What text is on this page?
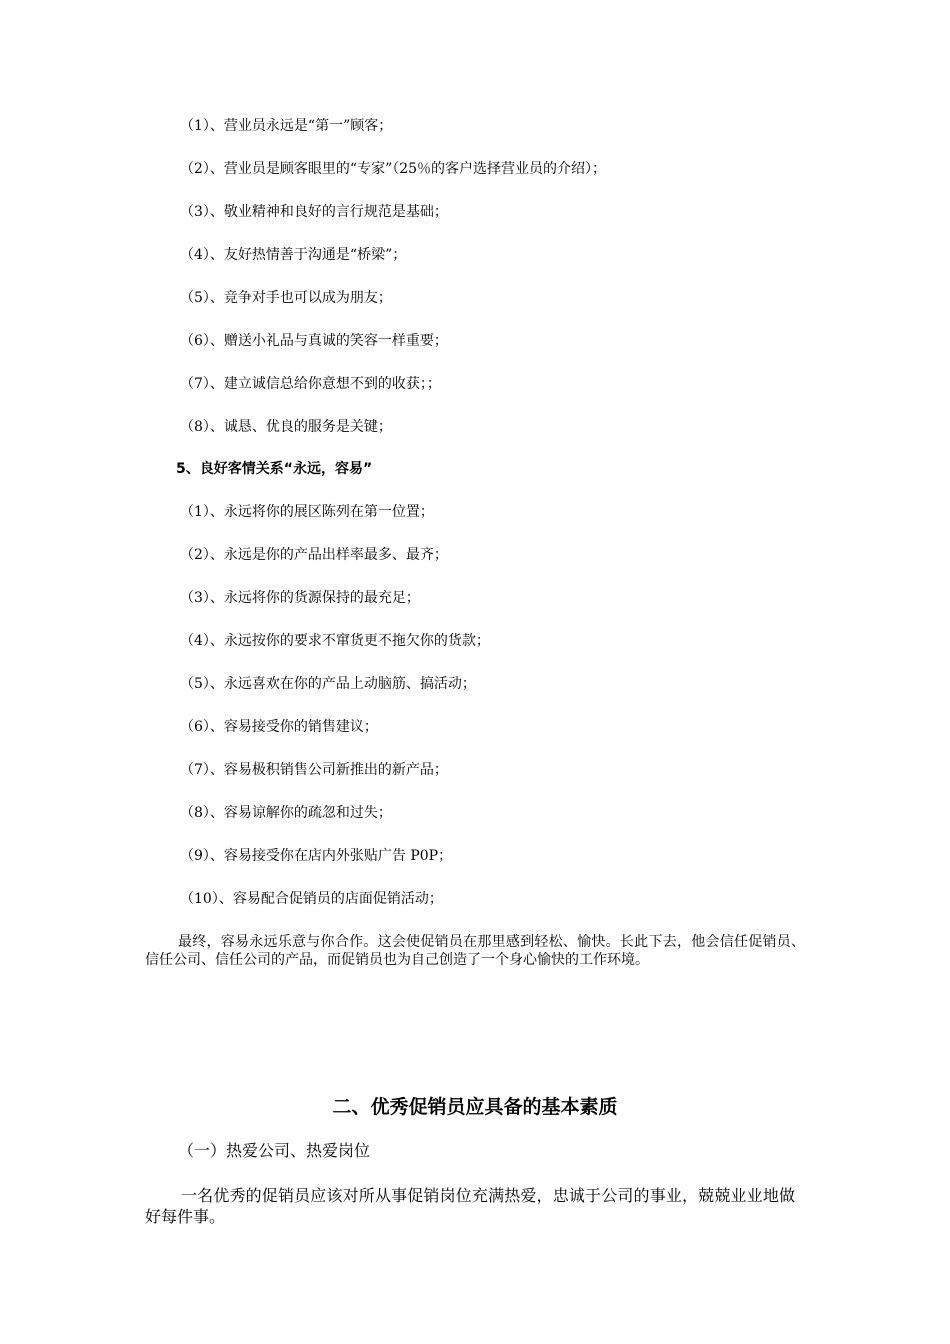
（1）、营业员永远是“第一”顾客；
（2）、营业员是顾客眼里的“专家”（25％的客户选择营业员的介绍）；
（3）、敬业精神和良好的言行规范是基础；
（4）、友好热情善于沟通是“桥梁”；
（5）、竞争对手也可以成为朋友；
（6）、赠送小礼品与真诚的笑容一样重要；
（7）、建立诚信总给你意想不到的收获；；
（8）、诚恳、优良的服务是关键；
5、良好客情关系“永远，容易”
（1）、永远将你的展区陈列在第一位置；
（2）、永远是你的产品出样率最多、最齐；
（3）、永远将你的货源保持的最充足；
（4）、永远按你的要求不窜货更不拖欠你的货款；
（5）、永远喜欢在你的产品上动脑筋、搞活动；
（6）、容易接受你的销售建议；
（7）、容易极积销售公司新推出的新产品；
（8）、容易谅解你的疏忽和过失；
（9）、容易接受你在店内外张贴广告 P0P；
（10）、容易配合促销员的店面促销活动；
最终，容易永远乐意与你合作。这会使促销员在那里感到轻松、愉快。长此下去，他会信任促销员、信任公司、信任公司的产品，而促销员也为自己创造了一个身心愉快的工作环境。
二、优秀促销员应具备的基本素质
（一）热爱公司、热爱岗位
一名优秀的促销员应该对所从事促销岗位充满热爱，忠诚于公司的事业，兢兢业业地做好每件事。
